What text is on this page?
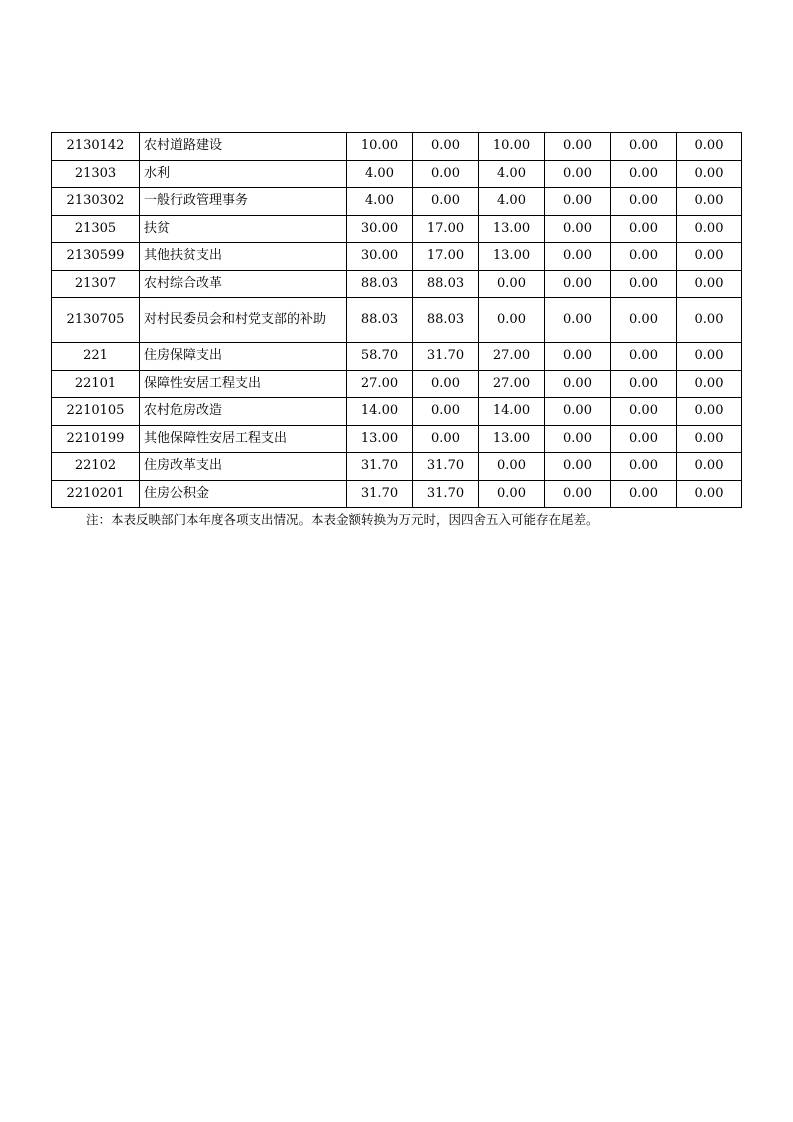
2130142	农村道路建设	10.00	0.00	10.00	0.00	0.00	0.00
21303	水利	4.00	0.00	4.00	0.00	0.00	0.00
2130302	一般行政管理事务	4.00	0.00	4.00	0.00	0.00	0.00
21305	扶贫	30.00	17.00	13.00	0.00	0.00	0.00
2130599	其他扶贫支出	30.00	17.00	13.00	0.00	0.00	0.00
21307	农村综合改革	88.03	88.03	0.00	0.00	0.00	0.00
2130705	对村民委员会和村党支部的补助	88.03	88.03	0.00	0.00	0.00	0.00
221	住房保障支出	58.70	31.70	27.00	0.00	0.00	0.00
22101	保障性安居工程支出	27.00	0.00	27.00	0.00	0.00	0.00
2210105	农村危房改造	14.00	0.00	14.00	0.00	0.00	0.00
2210199	其他保障性安居工程支出	13.00	0.00	13.00	0.00	0.00	0.00
22102	住房改革支出	31.70	31.70	0.00	0.00	0.00	0.00
2210201	住房公积金	31.70	31.70	0.00	0.00	0.00	0.00
注：本表反映部门本年度各项支出情况。本表金额转换为万元时，因四舍五入可能存在尾差。
